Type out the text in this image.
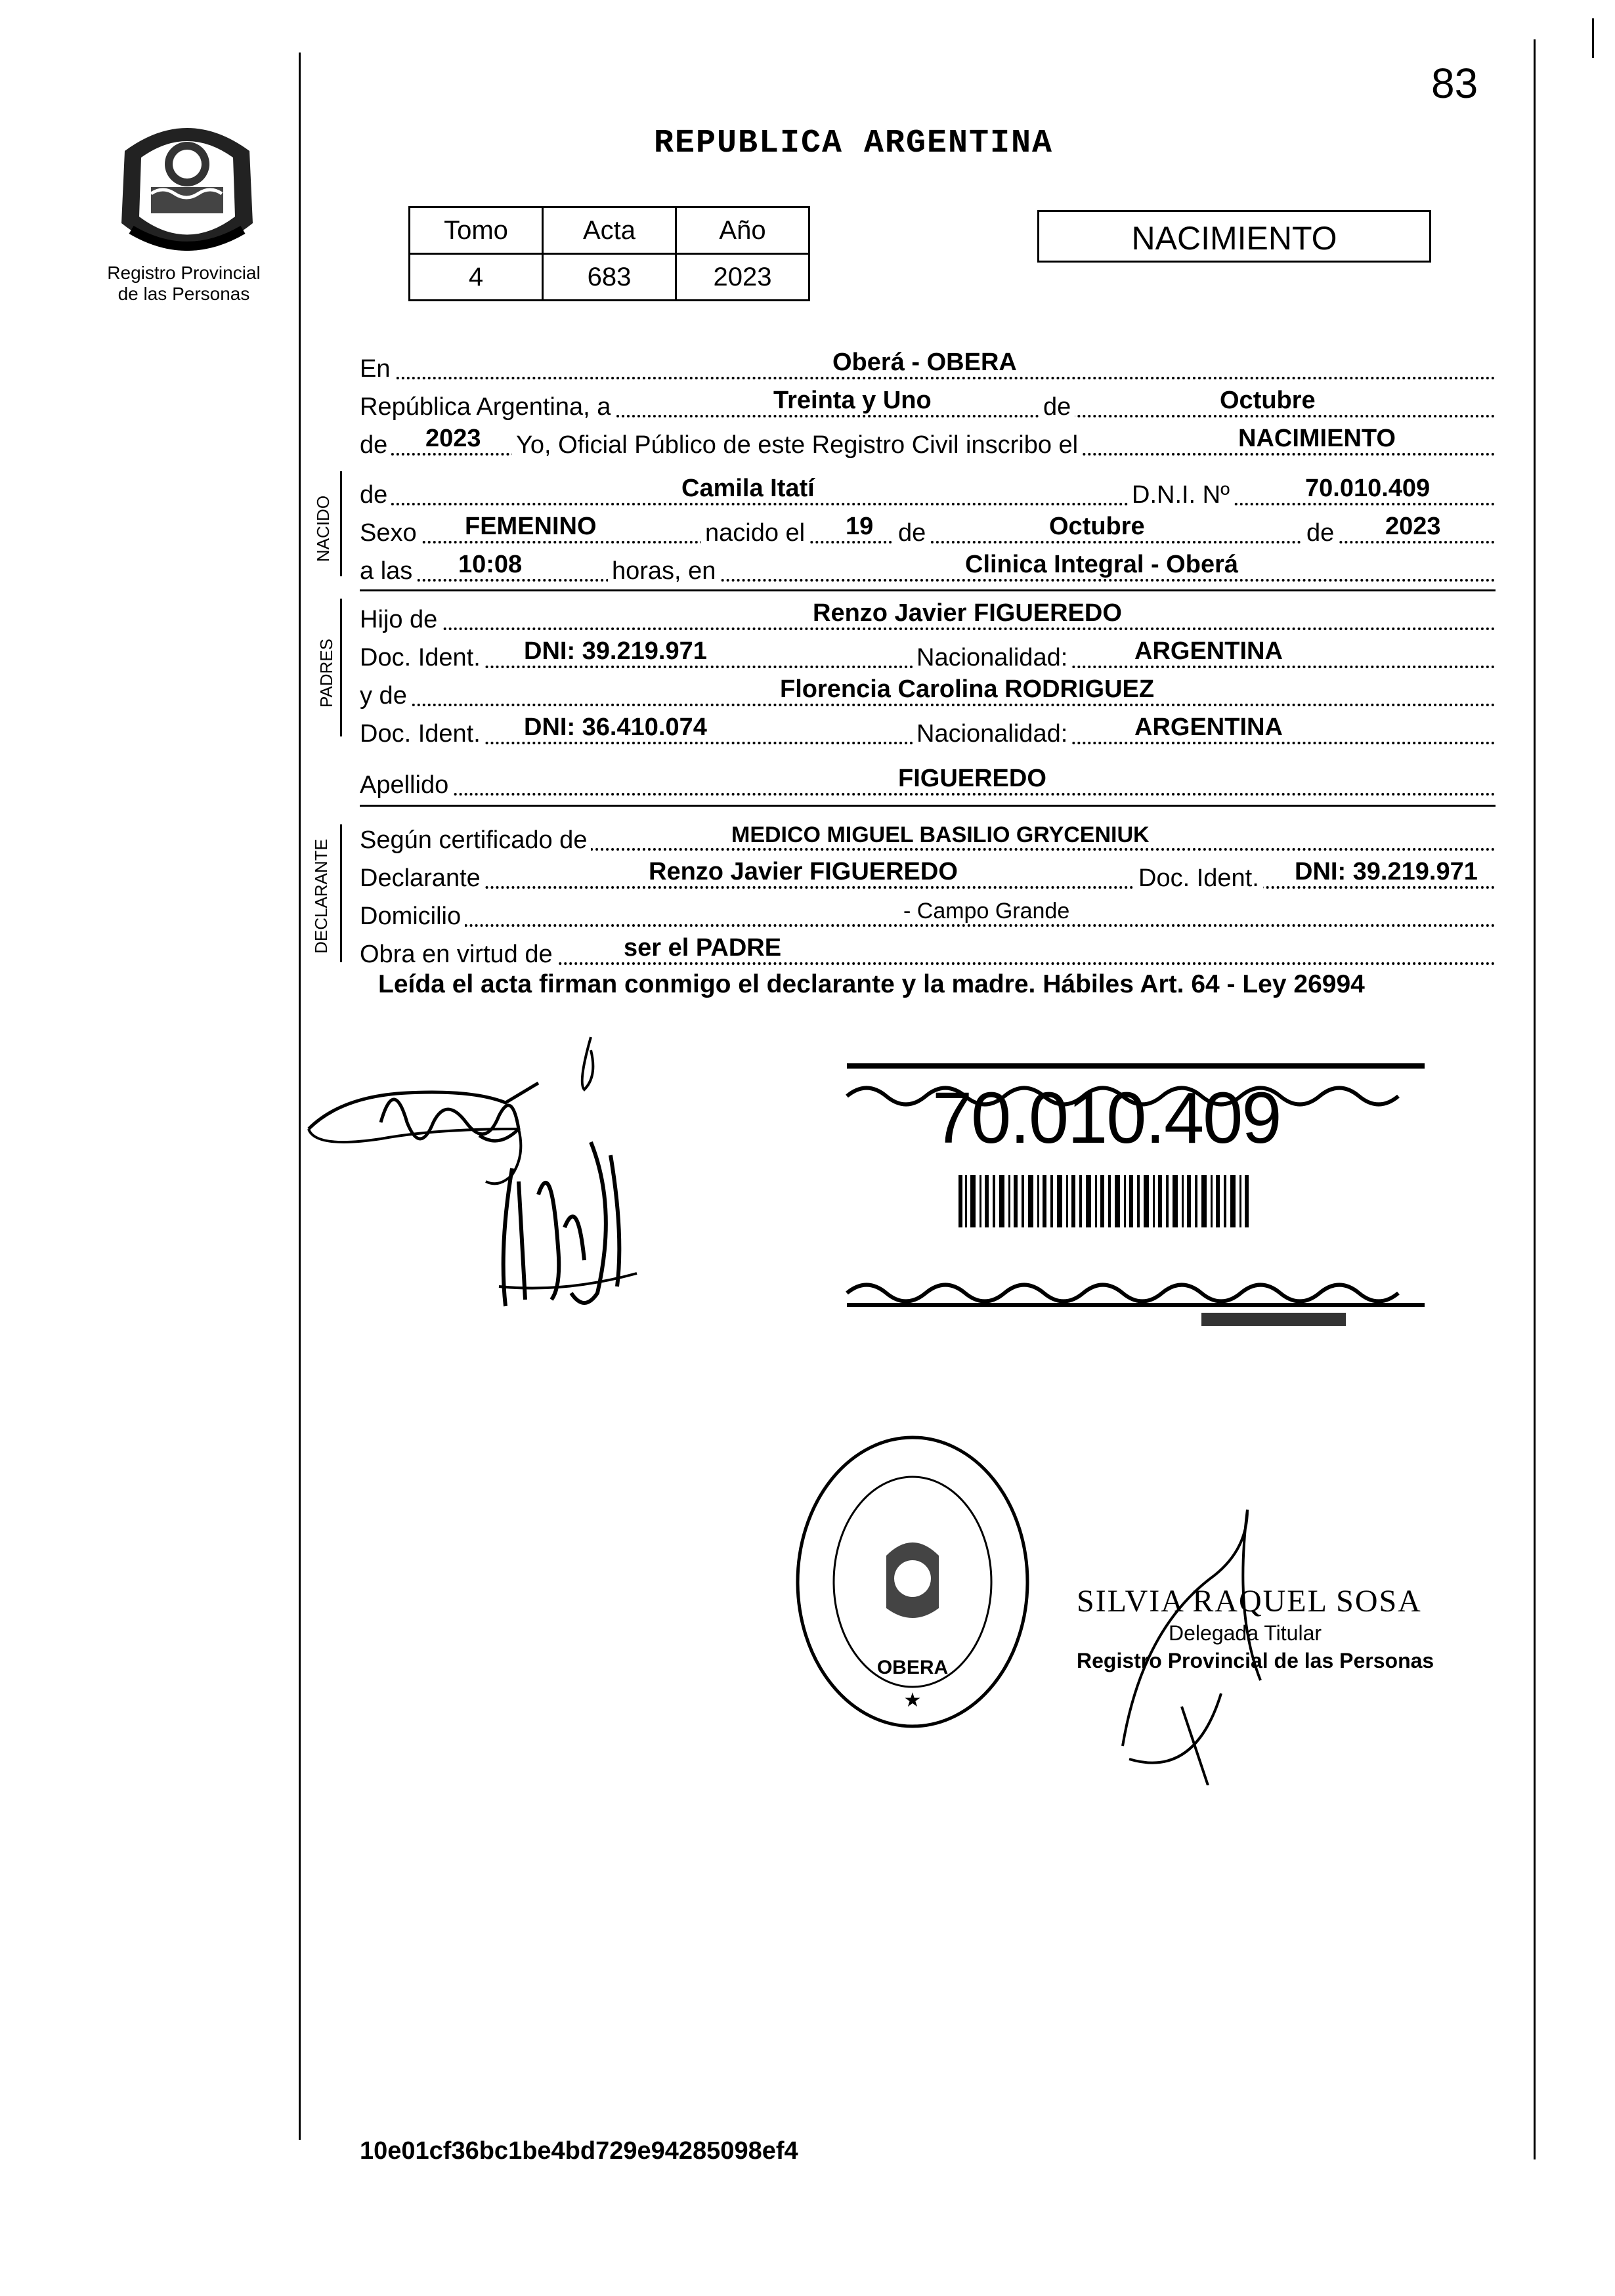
83
Registro Provincial
de las Personas
REPUBLICA ARGENTINA
Tomo	Acta	Año
4	683	2023
NACIMIENTO
En	Oberá - OBERA
República Argentina, a	Treinta y Uno	de	Octubre
de 2023 Yo, Oficial Público de este Registro Civil inscribo el	NACIMIENTO
NACIDO
de	Camila Itatí	D.N.I. Nº	70.010.409
Sexo FEMENINO	nacido el 19 de	Octubre	de 2023
a las 10:08	horas, en	Clinica Integral - Oberá
PADRES
Hijo de	Renzo Javier FIGUEREDO
Doc. Ident. DNI: 39.219.971	Nacionalidad:	ARGENTINA
y de	Florencia Carolina RODRIGUEZ
Doc. Ident. DNI: 36.410.074	Nacionalidad:	ARGENTINA
Apellido	FIGUEREDO
DECLARANTE Según certificado de	MEDICO MIGUEL BASILIO GRYCENIUK
Declarante	Renzo Javier FIGUEREDO	Doc. Ident. DNI: 39.219.971
Domicilio	- Campo Grande
Obra en virtud de	ser el PADRE
Leída el acta firman conmigo el declarante y la madre. Hábiles Art. 64 - Ley 26994
70.010.409
OBERA
★
SILVIA RAQUEL SOSA
Delegada Titular
Registro Provincial de las Personas
10e01cf36bc1be4bd729e94285098ef4
